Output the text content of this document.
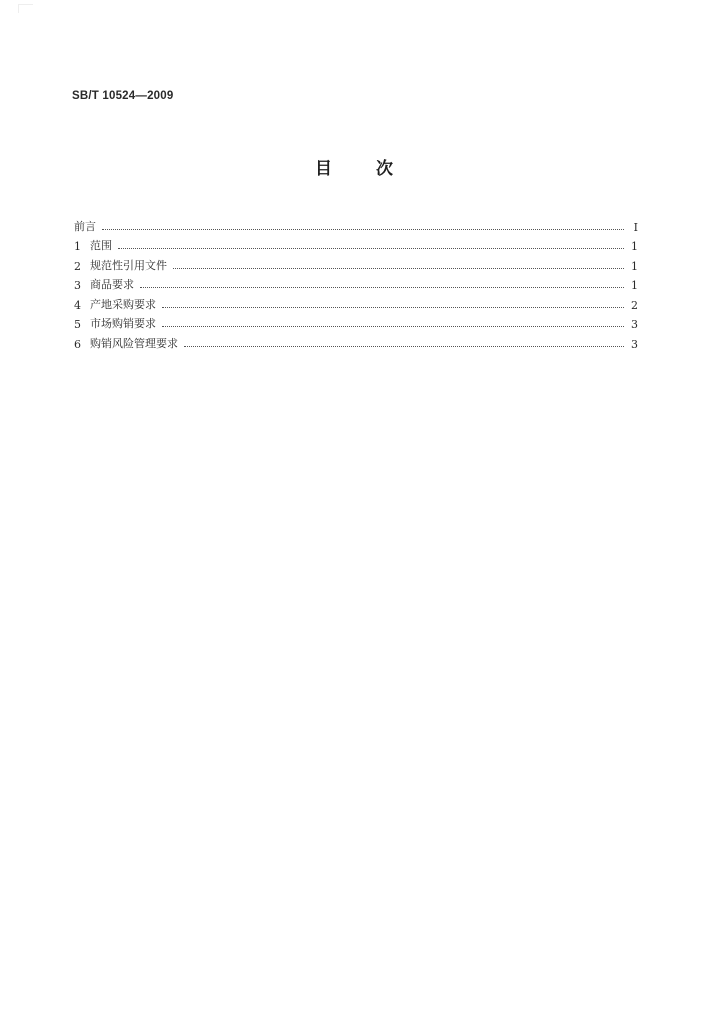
SB/T 10524—2009
目	次
前言	Ⅰ
1 范围	1
2 规范性引用文件	1
3 商品要求	1
4 产地采购要求	2
5 市场购销要求	3
6 购销风险管理要求	3
